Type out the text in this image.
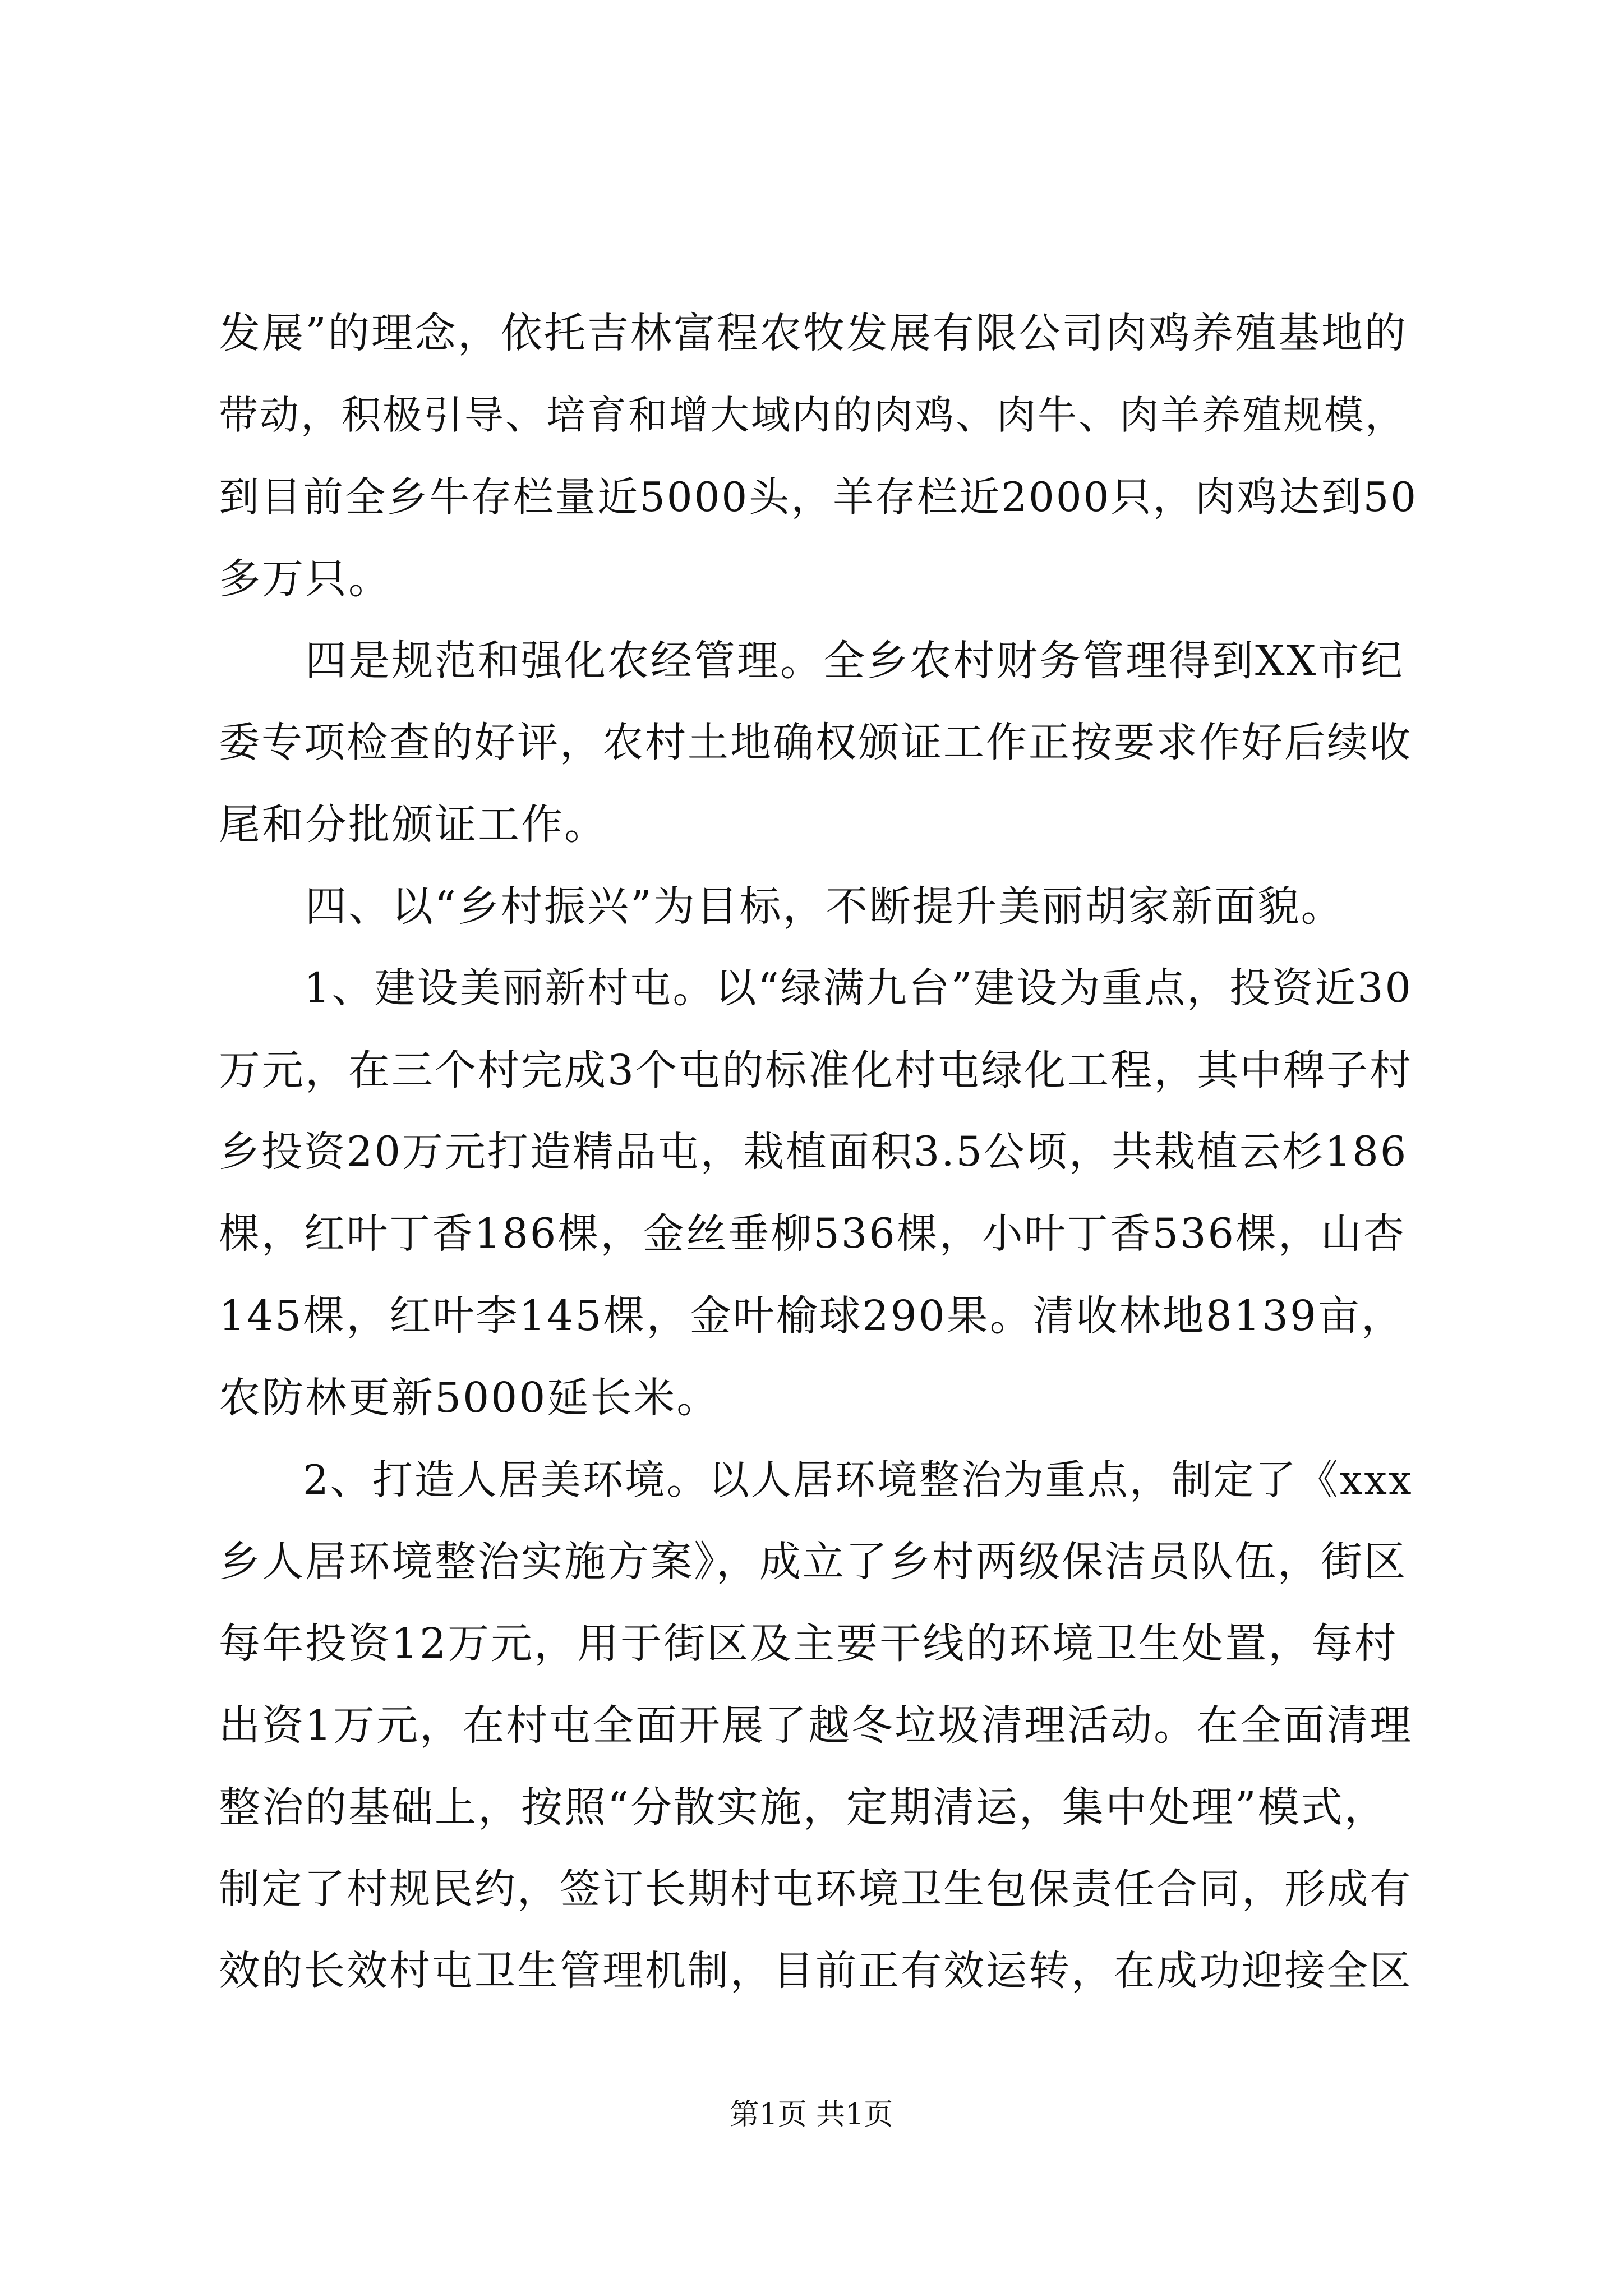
发展”的理念，依托吉林富程农牧发展有限公司肉鸡养殖基地的
带动，积极引导、培育和增大域内的肉鸡、肉牛、肉羊养殖规模，
到目前全乡牛存栏量近5000头，羊存栏近2000只，肉鸡达到50
多万只。
　　四是规范和强化农经管理。全乡农村财务管理得到XX市纪
委专项检查的好评，农村土地确权颁证工作正按要求作好后续收
尾和分批颁证工作。
　　四、以“乡村振兴”为目标，不断提升美丽胡家新面貌。
　　1、建设美丽新村屯。以“绿满九台”建设为重点，投资近30
万元，在三个村完成3个屯的标准化村屯绿化工程，其中稗子村
乡投资20万元打造精品屯，栽植面积3.5公顷，共栽植云杉186
棵，红叶丁香186棵，金丝垂柳536棵，小叶丁香536棵，山杏
145棵，红叶李145棵，金叶榆球290果。清收林地8139亩，
农防林更新5000延长米。
　　2、打造人居美环境。以人居环境整治为重点，制定了《xxx
乡人居环境整治实施方案》，成立了乡村两级保洁员队伍，街区
每年投资12万元，用于街区及主要干线的环境卫生处置，每村
出资1万元，在村屯全面开展了越冬垃圾清理活动。在全面清理
整治的基础上，按照“分散实施，定期清运，集中处理”模式，
制定了村规民约，签订长期村屯环境卫生包保责任合同，形成有
效的长效村屯卫生管理机制，目前正有效运转，在成功迎接全区
第1页 共1页
